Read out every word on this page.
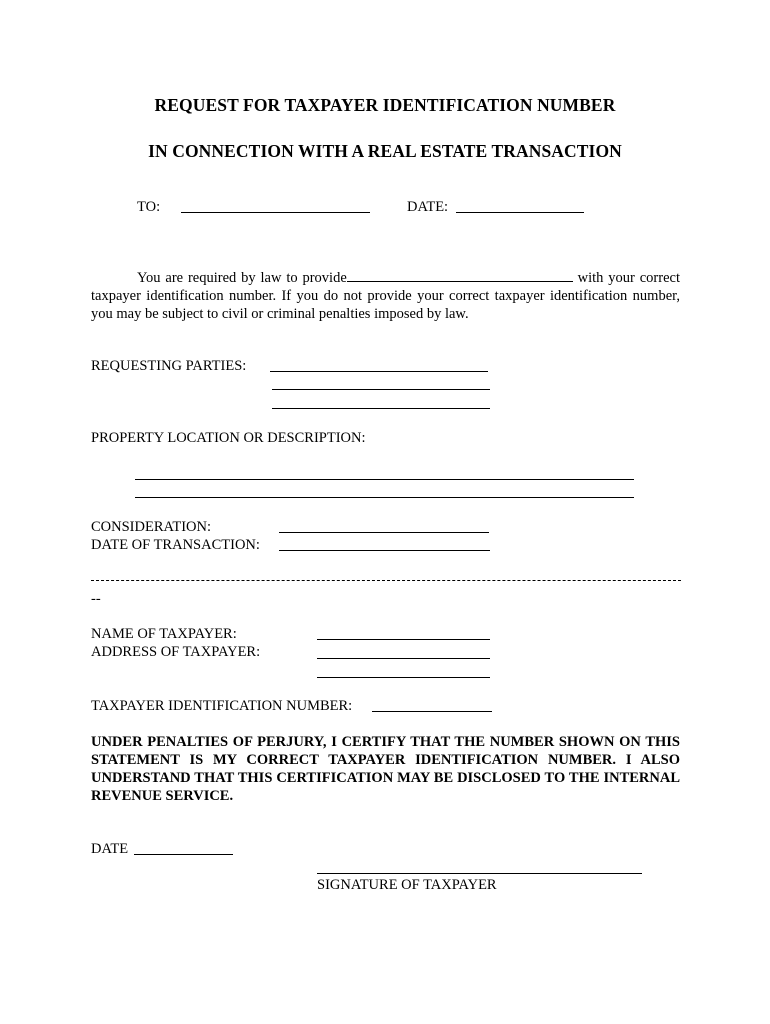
REQUEST FOR TAXPAYER IDENTIFICATION NUMBER
IN CONNECTION WITH A REAL ESTATE TRANSACTION
TO:	DATE:
You are required by law to provide	with your correct taxpayer identification number. If you do not provide your correct taxpayer identification number, you may be subject to civil or criminal penalties imposed by law.
REQUESTING PARTIES:
PROPERTY LOCATION OR DESCRIPTION:
CONSIDERATION:
DATE OF TRANSACTION:
--
NAME OF TAXPAYER:
ADDRESS OF TAXPAYER:
TAXPAYER IDENTIFICATION NUMBER:
UNDER PENALTIES OF PERJURY, I CERTIFY THAT THE NUMBER SHOWN ON THIS STATEMENT IS MY CORRECT TAXPAYER IDENTIFICATION NUMBER. I ALSO UNDERSTAND THAT THIS CERTIFICATION MAY BE DISCLOSED TO THE INTERNAL REVENUE SERVICE.
DATE
SIGNATURE OF TAXPAYER
